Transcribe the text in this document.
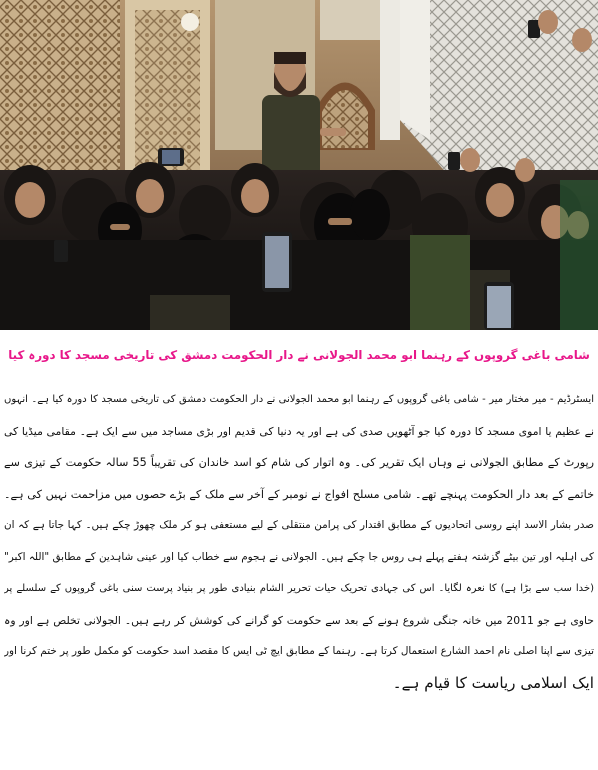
شامی باغی گروپوں کے رہنما ابو محمد الجولانی نے دار الحکومت دمشق کی تاریخی مسجد کا دورہ کیا
ایسٹرڈیم - میر مختار میر - شامی باغی گروپوں کے رہنما ابو محمد الجولانی نے دار الحکومت دمشق کی تاریخی مسجد کا دورہ کیا ہے۔ انہوں
نے عظیم یا اموی مسجد کا دورہ کیا جو آٹھویں صدی کی ہے اور یہ دنیا کی قدیم اور بڑی مساجد میں سے ایک ہے۔ مقامی میڈیا کی
رپورٹ کے مطابق الجولانی نے وہاں ایک تقریر کی۔ وہ اتوار کی شام کو اسد خاندان کی تقریباً 55 سالہ حکومت کے تیزی سے
خاتمے کے بعد دار الحکومت پہنچے تھے۔ شامی مسلح افواج نے نومبر کے آخر سے ملک کے بڑے حصوں میں مزاحمت نہیں کی ہے۔
صدر بشار الاسد اپنے روسی اتحادیوں کے مطابق اقتدار کی پرامن منتقلی کے لیے مستعفی ہو کر ملک چھوڑ چکے ہیں۔ کہا جاتا ہے کہ ان
کی اہلیہ اور تین بیٹے گزشتہ ہفتے پہلے ہی روس جا چکے ہیں۔ الجولانی نے ہجوم سے خطاب کیا اور عینی شاہدین کے مطابق "اللہ اکبر"
(خدا سب سے بڑا ہے) کا نعرہ لگایا۔ اس کی جہادی تحریک حیات تحریر الشام بنیادی طور پر بنیاد پرست سنی باغی گروپوں کے سلسلے پر
حاوی ہے جو 2011 میں خانہ جنگی شروع ہونے کے بعد سے حکومت کو گرانے کی کوشش کر رہے ہیں۔ الجولانی تخلص ہے اور وہ
تیزی سے اپنا اصلی نام احمد الشارع استعمال کرتا ہے۔ رہنما کے مطابق ایچ ٹی ایس کا مقصد اسد حکومت کو مکمل طور پر ختم کرنا اور
ایک اسلامی ریاست کا قیام ہے۔
